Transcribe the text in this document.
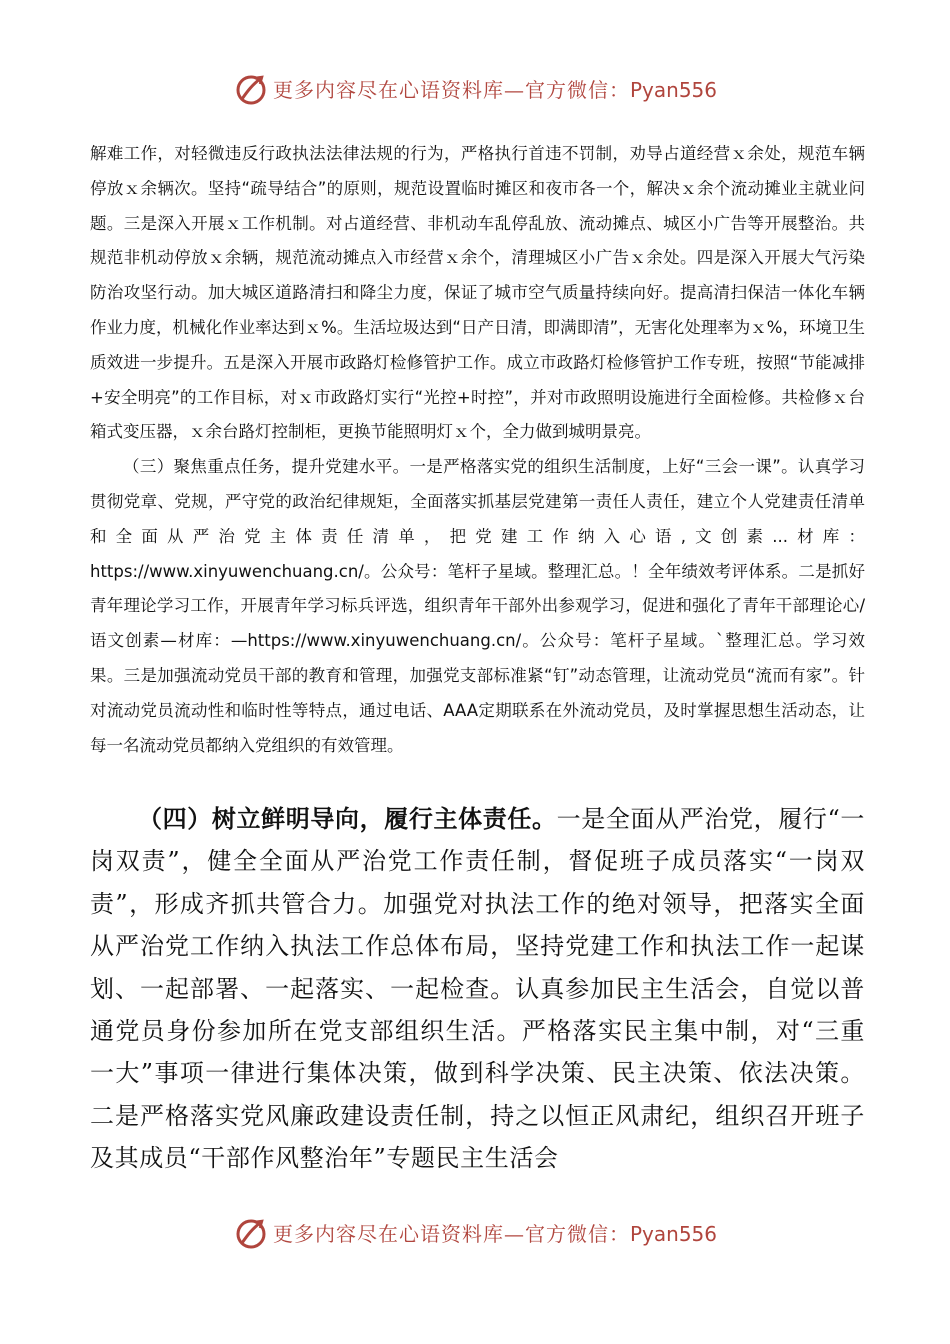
更多内容尽在心语资料库—官方微信： Pyan556

解难工作，对轻微违反行政执法法律法规的行为，严格执行首违不罚制，劝导占道经营ｘ余处，规范车辆停放ｘ余辆次。坚持“疏导结合”的原则，规范设置临时摊区和夜市各一个，解决ｘ余个流动摊业主就业问题。三是深入开展ｘ工作机制。对占道经营、非机动车乱停乱放、流动摊点、城区小广告等开展整治。共规范非机动停放ｘ余辆，规范流动摊点入市经营ｘ余个，清理城区小广告ｘ余处。四是深入开展大气污染防治攻坚行动。加大城区道路清扫和降尘力度，保证了城市空气质量持续向好。提高清扫保洁一体化车辆作业力度，机械化作业率达到ｘ%。生活垃圾达到“日产日清，即满即清”，无害化处理率为ｘ%，环境卫生质效进一步提升。五是深入开展市政路灯检修管护工作。成立市政路灯检修管护工作专班，按照“节能减排+安全明亮”的工作目标，对ｘ市政路灯实行“光控+时控”，并对市政照明设施进行全面检修。共检修ｘ台箱式变压器，ｘ余台路灯控制柜，更换节能照明灯ｘ个，全力做到城明景亮。

（三）聚焦重点任务，提升党建水平。一是严格落实党的组织生活制度，上好“三会一课”。认真学习贯彻党章、党规，严守党的政治纪律规矩，全面落实抓基层党建第一责任人责任，建立个人党建责任清单和全面从严治党主体责任清单，把党建工作纳入心语,文创素...材库：https://www.xinyuwenchuang.cn/。公众号：笔杆子星域。整理汇总。！全年绩效考评体系。二是抓好青年理论学习工作，开展青年学习标兵评选，组织青年干部外出参观学习，促进和强化了青年干部理论心/语文创素—材库：—https://www.xinyuwenchuang.cn/。公众号：笔杆子星域。`整理汇总。学习效果。三是加强流动党员干部的教育和管理，加强党支部标准紧“钉”动态管理，让流动党员“流而有家”。针对流动党员流动性和临时性等特点，通过电话、AAA定期联系在外流动党员，及时掌握思想生活动态，让每一名流动党员都纳入党组织的有效管理。

（四）树立鲜明导向，履行主体责任。一是全面从严治党，履行“一岗双责”，健全全面从严治党工作责任制，督促班子成员落实“一岗双责”，形成齐抓共管合力。加强党对执法工作的绝对领导，把落实全面从严治党工作纳入执法工作总体布局，坚持党建工作和执法工作一起谋划、一起部署、一起落实、一起检查。认真参加民主生活会，自觉以普通党员身份参加所在党支部组织生活。严格落实民主集中制，对“三重一大”事项一律进行集体决策，做到科学决策、民主决策、依法决策。二是严格落实党风廉政建设责任制，持之以恒正风肃纪，组织召开班子及其成员“干部作风整治年”专题民主生活会

更多内容尽在心语资料库—官方微信： Pyan556
